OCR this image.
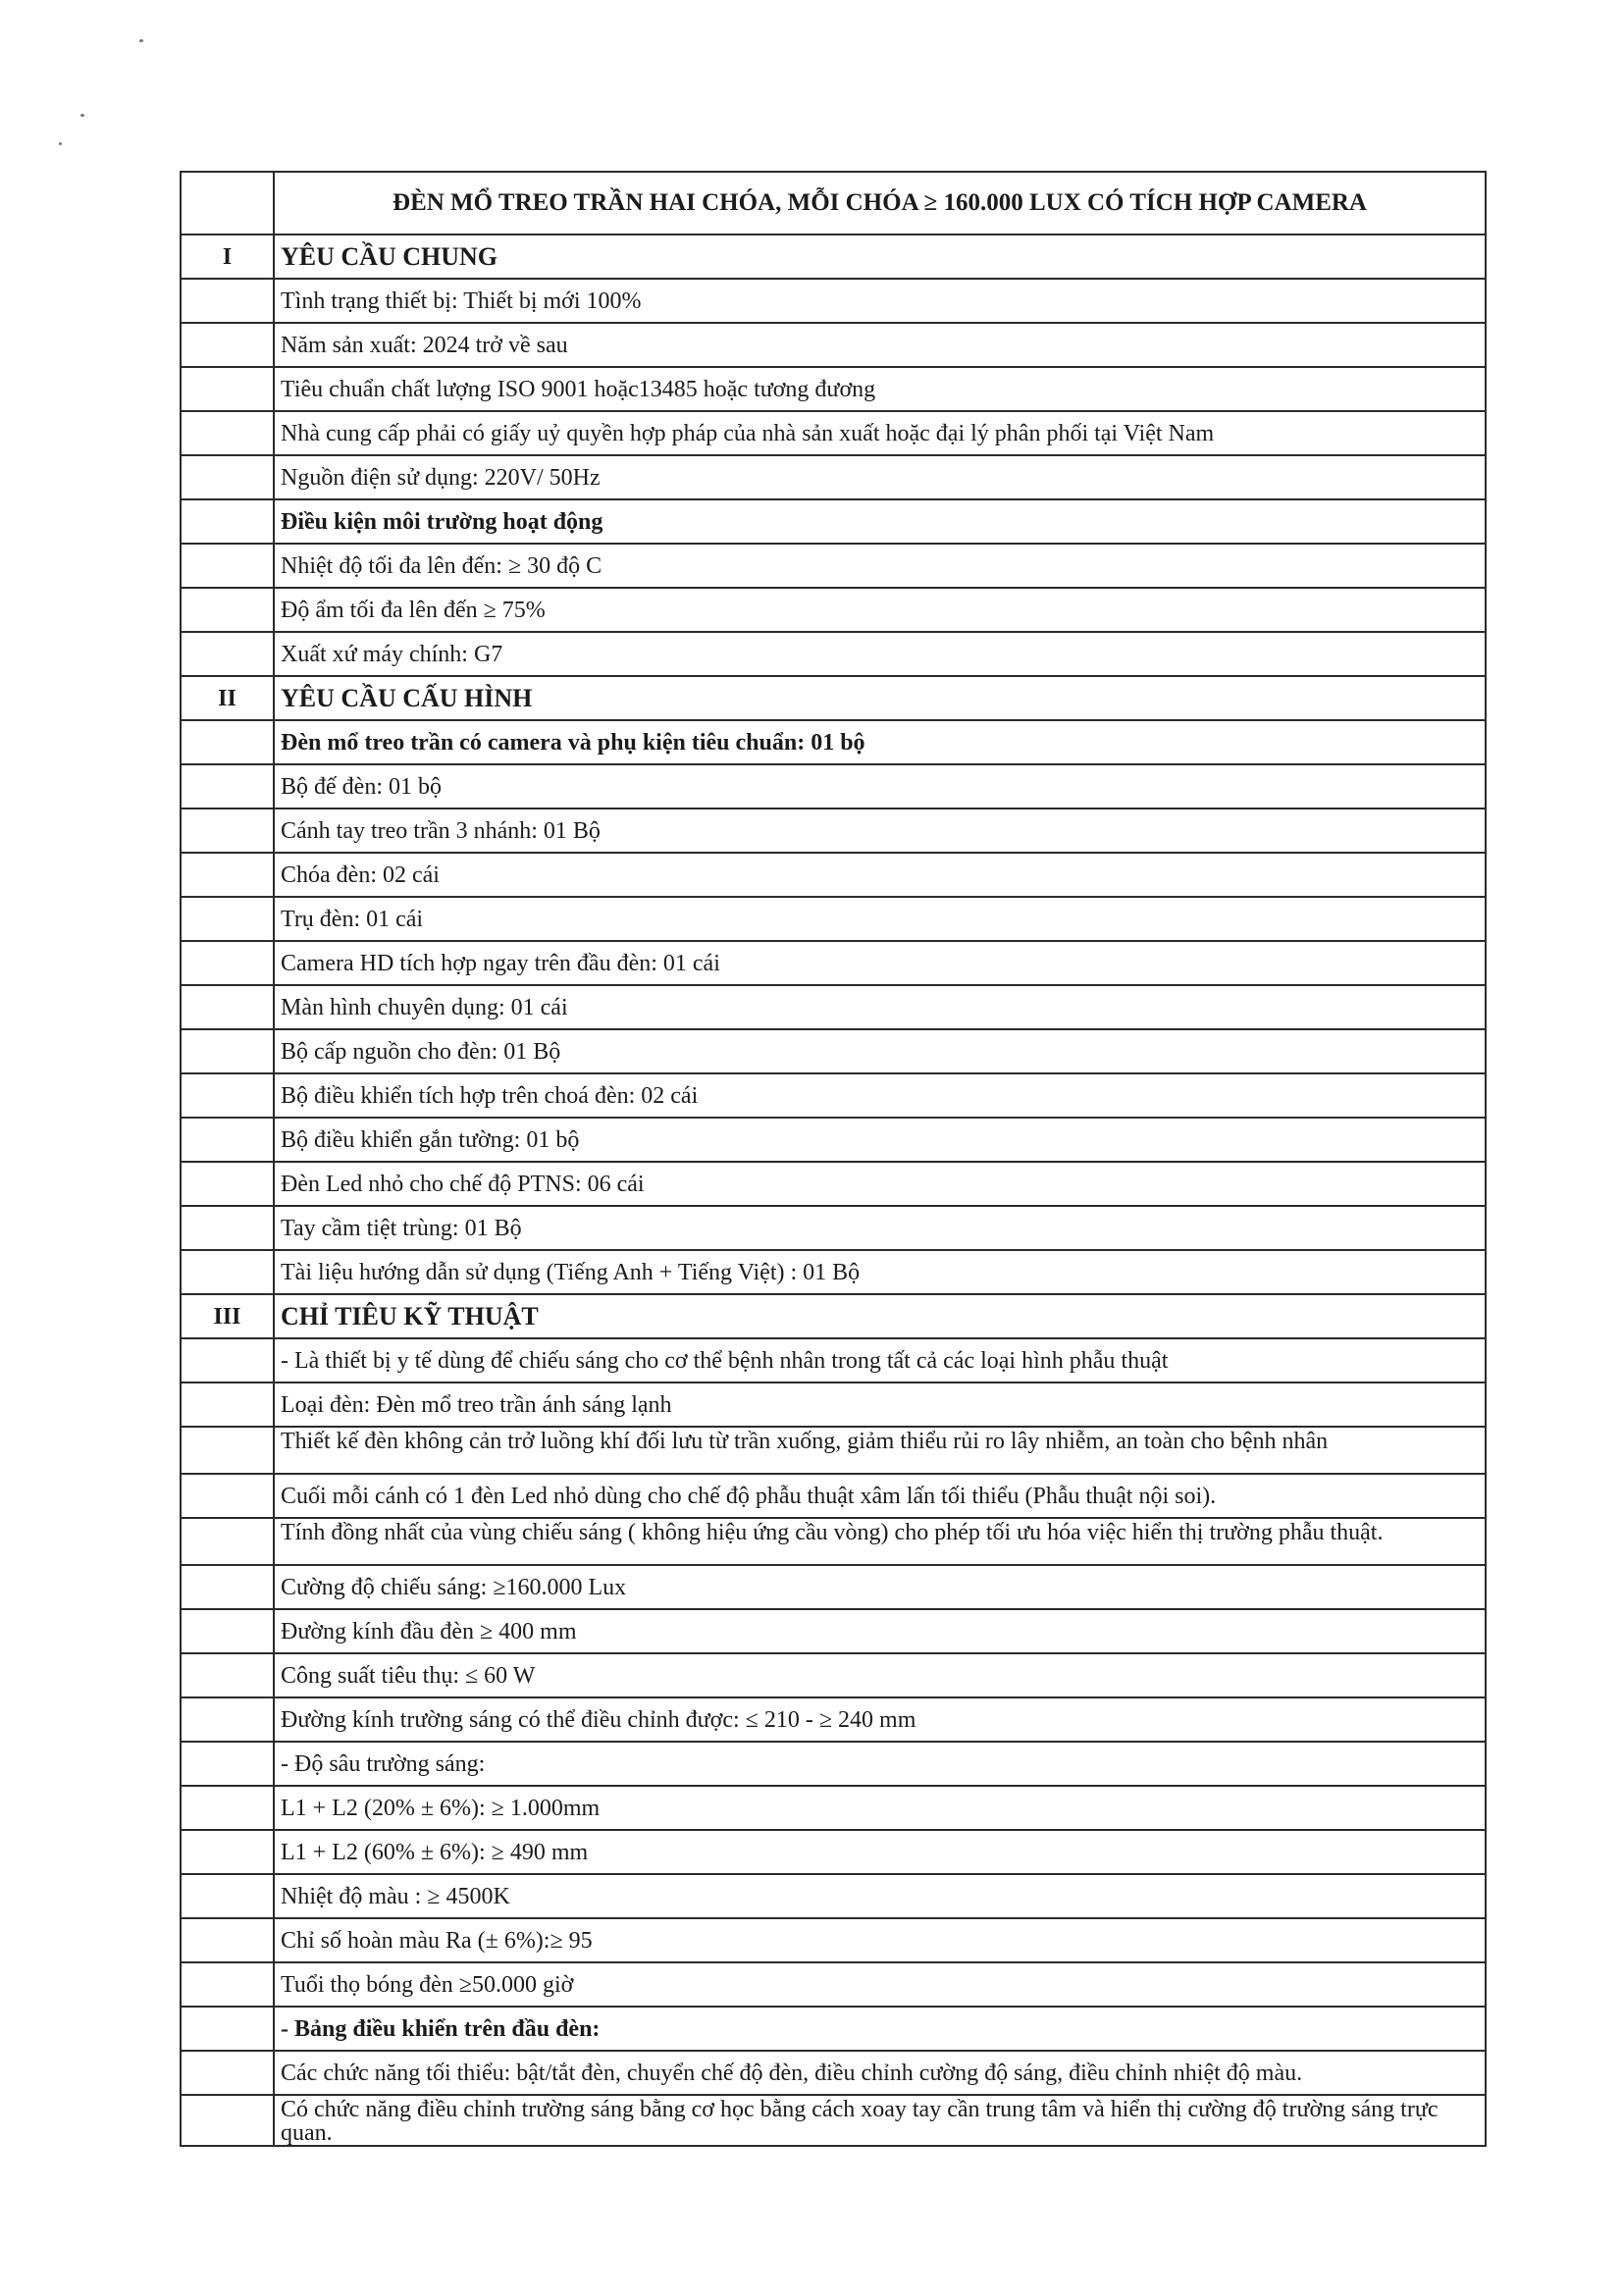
	ĐÈN MỔ TREO TRẦN HAI CHÓA, MỖI CHÓA ≥ 160.000 LUX CÓ TÍCH HỢP CAMERA
I	YÊU CẦU CHUNG
	Tình trạng thiết bị: Thiết bị mới 100%
	Năm sản xuất: 2024 trở về sau
	Tiêu chuẩn chất lượng ISO 9001 hoặc13485 hoặc tương đương
	Nhà cung cấp phải có giấy uỷ quyền hợp pháp của nhà sản xuất hoặc đại lý phân phối tại Việt Nam
	Nguồn điện sử dụng: 220V/ 50Hz
	Điều kiện môi trường hoạt động
	Nhiệt độ tối đa lên đến: ≥ 30 độ C
	Độ ẩm tối đa lên đến ≥ 75%
	Xuất xứ máy chính: G7
II	YÊU CẦU CẤU HÌNH
	Đèn mổ treo trần có camera và phụ kiện tiêu chuẩn: 01 bộ
	Bộ đế đèn: 01 bộ
	Cánh tay treo trần 3 nhánh: 01 Bộ
	Chóa đèn: 02 cái
	Trụ đèn: 01 cái
	Camera HD tích hợp ngay trên đầu đèn: 01 cái
	Màn hình chuyên dụng: 01 cái
	Bộ cấp nguồn cho đèn: 01 Bộ
	Bộ điều khiển tích hợp trên choá đèn: 02 cái
	Bộ điều khiển gắn tường: 01 bộ
	Đèn Led nhỏ cho chế độ PTNS: 06 cái
	Tay cầm tiệt trùng: 01 Bộ
	Tài liệu hướng dẫn sử dụng (Tiếng Anh + Tiếng Việt) : 01 Bộ
III	CHỈ TIÊU KỸ THUẬT
	- Là thiết bị y tế dùng để chiếu sáng cho cơ thể bệnh nhân trong tất cả các loại hình phẫu thuật
	Loại đèn: Đèn mổ treo trần ánh sáng lạnh
	Thiết kế đèn không cản trở luồng khí đối lưu từ trần xuống, giảm thiểu rủi ro lây nhiễm, an toàn cho bệnh nhân
	Cuối mỗi cánh có 1 đèn Led nhỏ dùng cho chế độ phẫu thuật xâm lấn tối thiểu (Phẫu thuật nội soi).
	Tính đồng nhất của vùng chiếu sáng ( không hiệu ứng cầu vòng) cho phép tối ưu hóa việc hiển thị trường phẫu thuật.
	Cường độ chiếu sáng: ≥160.000 Lux
	Đường kính đầu đèn ≥ 400 mm
	Công suất tiêu thụ: ≤ 60 W
	Đường kính trường sáng có thể điều chỉnh được: ≤ 210 - ≥ 240 mm
	- Độ sâu trường sáng:
	L1 + L2 (20% ± 6%): ≥ 1.000mm
	L1 + L2 (60% ± 6%): ≥ 490 mm
	Nhiệt độ màu : ≥ 4500K
	Chỉ số hoàn màu Ra (± 6%):≥ 95
	Tuổi thọ bóng đèn ≥50.000 giờ
	- Bảng điều khiển trên đầu đèn:
	Các chức năng tối thiểu: bật/tắt đèn, chuyển chế độ đèn, điều chỉnh cường độ sáng, điều chỉnh nhiệt độ màu.
	Có chức năng điều chỉnh trường sáng bằng cơ học bằng cách xoay tay cần trung tâm và hiển thị cường độ trường sáng trực quan.
